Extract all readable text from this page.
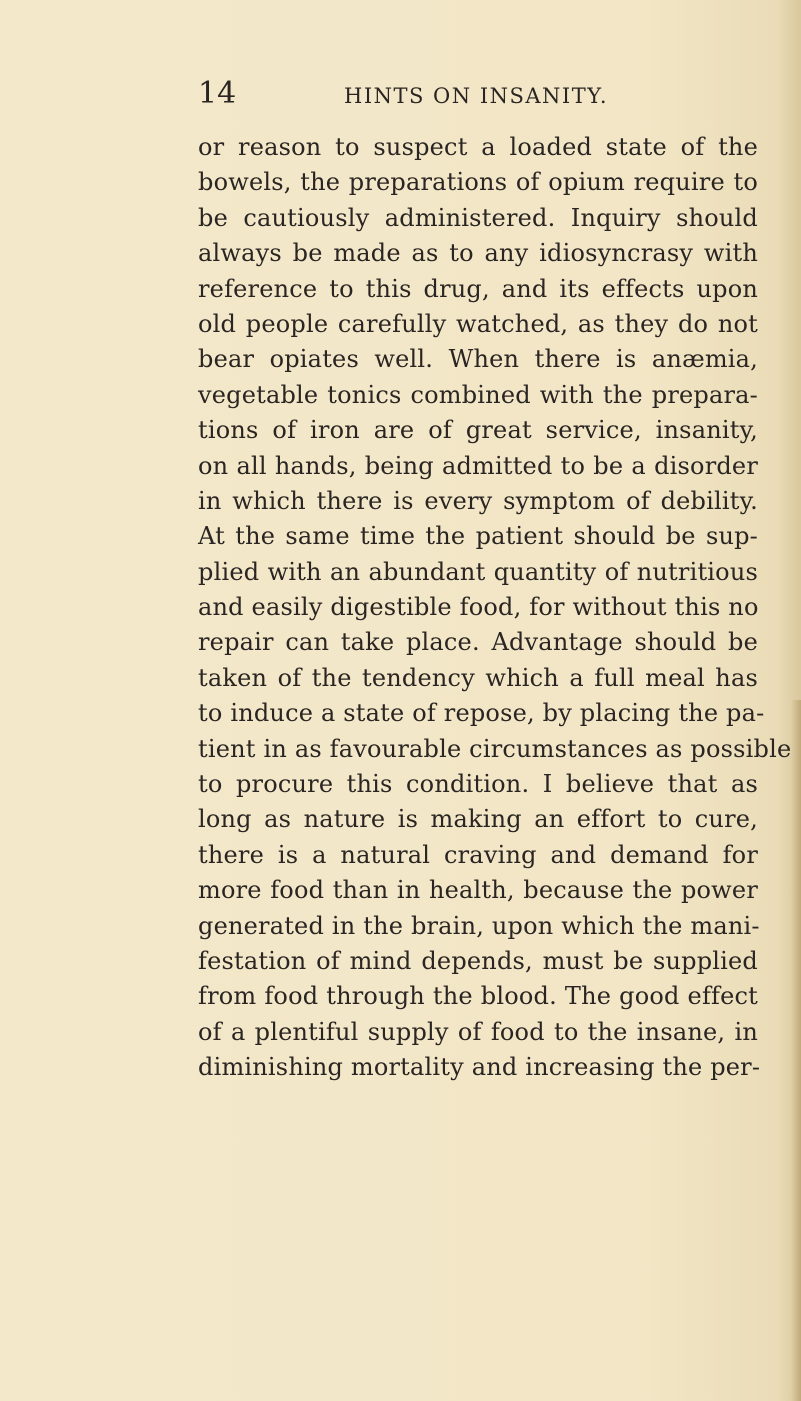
14	HINTS ON INSANITY.
or reason to suspect a loaded state of the
bowels, the preparations of opium require to
be cautiously administered. Inquiry should
always be made as to any idiosyncrasy with
reference to this drug, and its effects upon
old people carefully watched, as they do not
bear opiates well. When there is anæmia,
vegetable tonics combined with the prepara-
tions of iron are of great service, insanity,
on all hands, being admitted to be a disorder
in which there is every symptom of debility.
At the same time the patient should be sup-
plied with an abundant quantity of nutritious
and easily digestible food, for without this no
repair can take place. Advantage should be
taken of the tendency which a full meal has
to induce a state of repose, by placing the pa-
tient in as favourable circumstances as possible
to procure this condition. I believe that as
long as nature is making an effort to cure,
there is a natural craving and demand for
more food than in health, because the power
generated in the brain, upon which the mani-
festation of mind depends, must be supplied
from food through the blood. The good effect
of a plentiful supply of food to the insane, in
diminishing mortality and increasing the per-
